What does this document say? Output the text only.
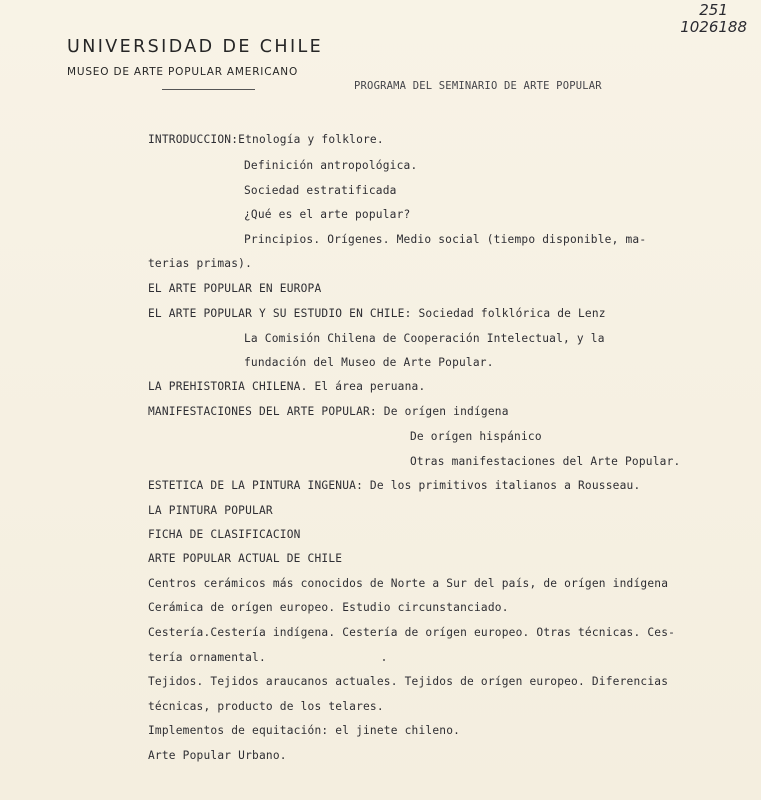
251
1026188
UNIVERSIDAD DE CHILE
MUSEO DE ARTE POPULAR AMERICANO
PROGRAMA DEL SEMINARIO DE ARTE POPULAR
INTRODUCCION:Etnología y folklore.
Definición antropológica.
Sociedad estratificada
¿Qué es el arte popular?
Principios. Orígenes. Medio social (tiempo disponible, ma-
terias primas).
EL ARTE POPULAR EN EUROPA
EL ARTE POPULAR Y SU ESTUDIO EN CHILE: Sociedad folklórica de Lenz
La Comisión Chilena de Cooperación Intelectual, y la
fundación del Museo de Arte Popular.
LA PREHISTORIA CHILENA. El área peruana.
MANIFESTACIONES DEL ARTE POPULAR: De orígen indígena
De orígen hispánico
Otras manifestaciones del Arte Popular.
ESTETICA DE LA PINTURA INGENUA: De los primitivos italianos a Rousseau.
LA PINTURA POPULAR
FICHA DE CLASIFICACION
ARTE POPULAR ACTUAL DE CHILE
Centros cerámicos más conocidos de Norte a Sur del país, de orígen indígena
Cerámica de orígen europeo. Estudio circunstanciado.
Cestería.Cestería indígena. Cestería de orígen europeo. Otras técnicas. Ces-
tería ornamental.
Tejidos. Tejidos araucanos actuales. Tejidos de orígen europeo. Diferencias
técnicas, producto de los telares.
Implementos de equitación: el jinete chileno.
Arte Popular Urbano.
